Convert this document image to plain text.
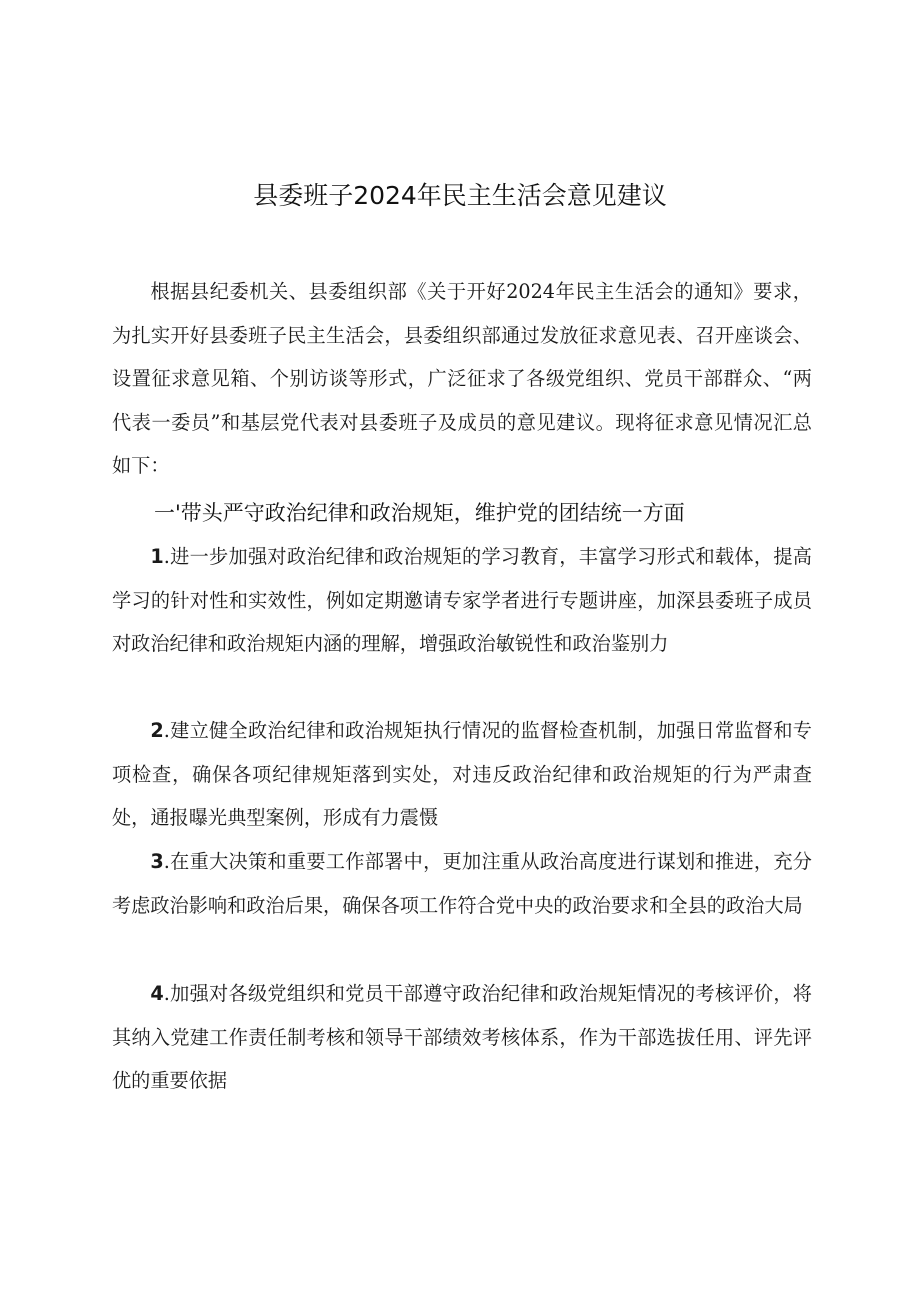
县委班子2024年民主生活会意见建议

根据县纪委机关、县委组织部《关于开好2024年民主生活会的通知》要求，为扎实开好县委班子民主生活会，县委组织部通过发放征求意见表、召开座谈会、设置征求意见箱、个别访谈等形式，广泛征求了各级党组织、党员干部群众、“两代表一委员”和基层党代表对县委班子及成员的意见建议。现将征求意见情况汇总如下：

一'带头严守政治纪律和政治规矩，维护党的团结统一方面

1.进一步加强对政治纪律和政治规矩的学习教育，丰富学习形式和载体，提高学习的针对性和实效性，例如定期邀请专家学者进行专题讲座，加深县委班子成员对政治纪律和政治规矩内涵的理解，增强政治敏锐性和政治鉴别力

2.建立健全政治纪律和政治规矩执行情况的监督检查机制，加强日常监督和专项检查，确保各项纪律规矩落到实处，对违反政治纪律和政治规矩的行为严肃查处，通报曝光典型案例，形成有力震慑

3.在重大决策和重要工作部署中，更加注重从政治高度进行谋划和推进，充分考虑政治影响和政治后果，确保各项工作符合党中央的政治要求和全县的政治大局

4.加强对各级党组织和党员干部遵守政治纪律和政治规矩情况的考核评价，将其纳入党建工作责任制考核和领导干部绩效考核体系，作为干部选拔任用、评先评优的重要依据
